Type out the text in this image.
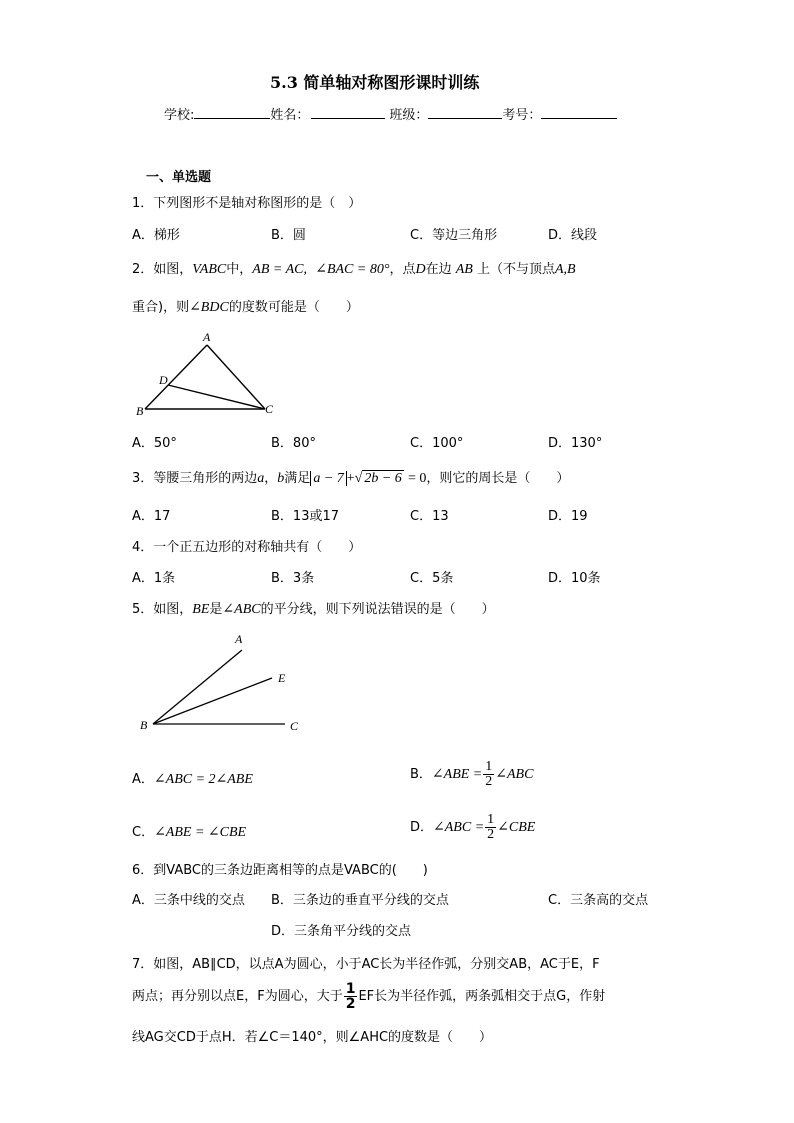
5.3 简单轴对称图形课时训练
学校:	姓名：	班级：	考号：
一、单选题
1．下列图形不是轴对称图形的是（　）
A．梯形	B．圆	C．等边三角形	D．线段
2．如图，VABC中，AB = AC, ∠BAC = 80°，点D在边 AB 上（不与顶点A,B
重合)，则∠BDC的度数可能是（　　）
A
B	C
D
A．50°	B．80°	C．100°	D．130°
3．等腰三角形的两边a，b满足 a − 7 +√ 2b − 6 = 0，则它的周长是（　　）
A．17	B．13或17	C．13	D．19
4．一个正五边形的对称轴共有（　　）
A．1条	B．3条	C．5条	D．10条
5．如图，BE是∠ABC的平分线，则下列说法错误的是（　　）
A
B	C
E
A．∠ABC = 2∠ABE	B．∠ABE = $\frac{1}{2}$ ∠ABC
C．∠ABE = ∠CBE	D．∠ABC = $\frac{1}{2}$ ∠CBE
6．到VABC的三条边距离相等的点是VABC的(　　)
A．三条中线的交点 B．三条边的垂直平分线的交点	C．三条高的交点
D．三条角平分线的交点
7．如图，AB∥CD，以点A为圆心，小于AC长为半径作弧，分别交AB，AC于E，F
两点；再分别以点E，F为圆心，大于 $\frac{1}{2}$ EF长为半径作弧，两条弧相交于点G，作射
线AG交CD于点H．若∠C＝140°，则∠AHC的度数是（　　）
